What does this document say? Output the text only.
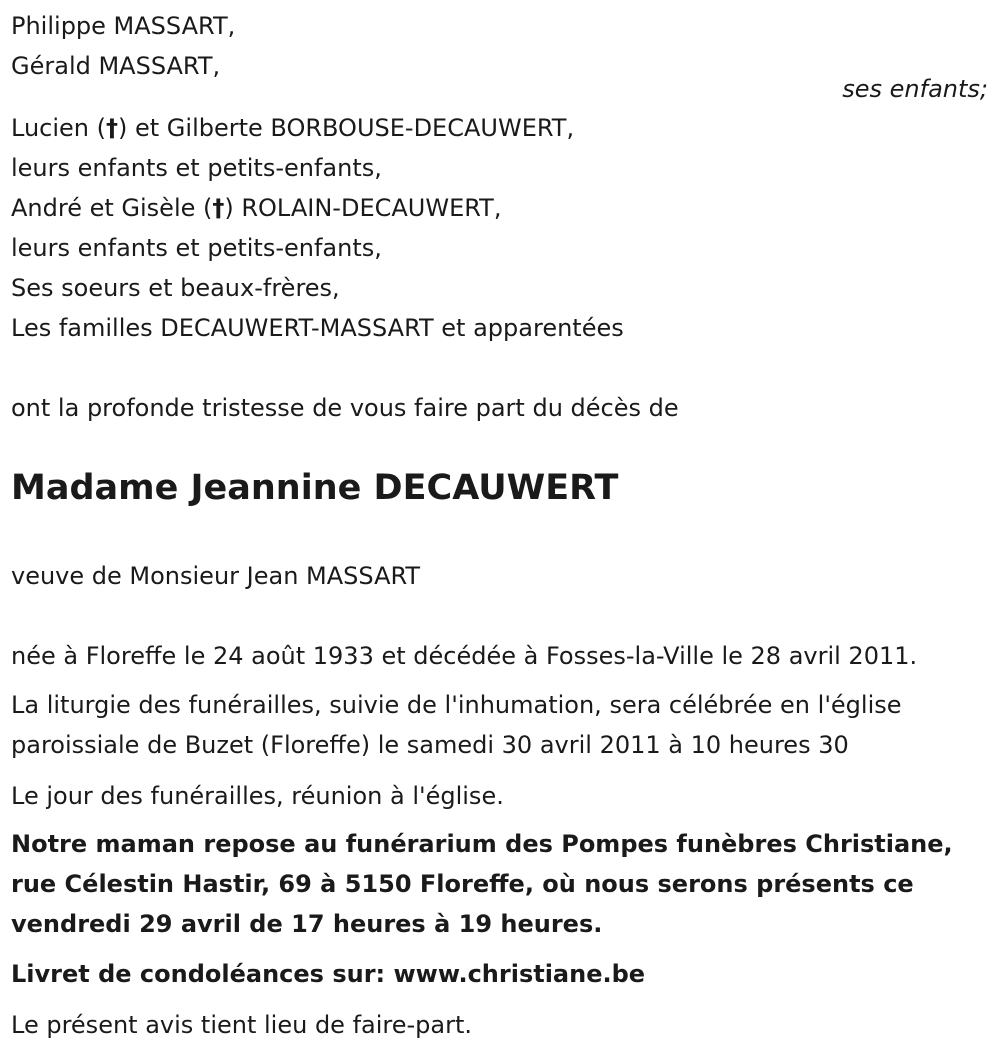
Philippe MASSART,
Gérald MASSART,
ses enfants;
Lucien (†) et Gilberte BORBOUSE-DECAUWERT,
leurs enfants et petits-enfants,
André et Gisèle (†) ROLAIN-DECAUWERT,
leurs enfants et petits-enfants,
Ses soeurs et beaux-frères,
Les familles DECAUWERT-MASSART et apparentées
ont la profonde tristesse de vous faire part du décès de
Madame Jeannine DECAUWERT
veuve de Monsieur Jean MASSART
née à Floreffe le 24 août 1933 et décédée à Fosses-la-Ville le 28 avril 2011.
La liturgie des funérailles, suivie de l'inhumation, sera célébrée en l'église
paroissiale de Buzet (Floreffe) le samedi 30 avril 2011 à 10 heures 30
Le jour des funérailles, réunion à l'église.
Notre maman repose au funérarium des Pompes funèbres Christiane,
rue Célestin Hastir, 69 à 5150 Floreffe, où nous serons présents ce
vendredi 29 avril de 17 heures à 19 heures.
Livret de condoléances sur: www.christiane.be
Le présent avis tient lieu de faire-part.
